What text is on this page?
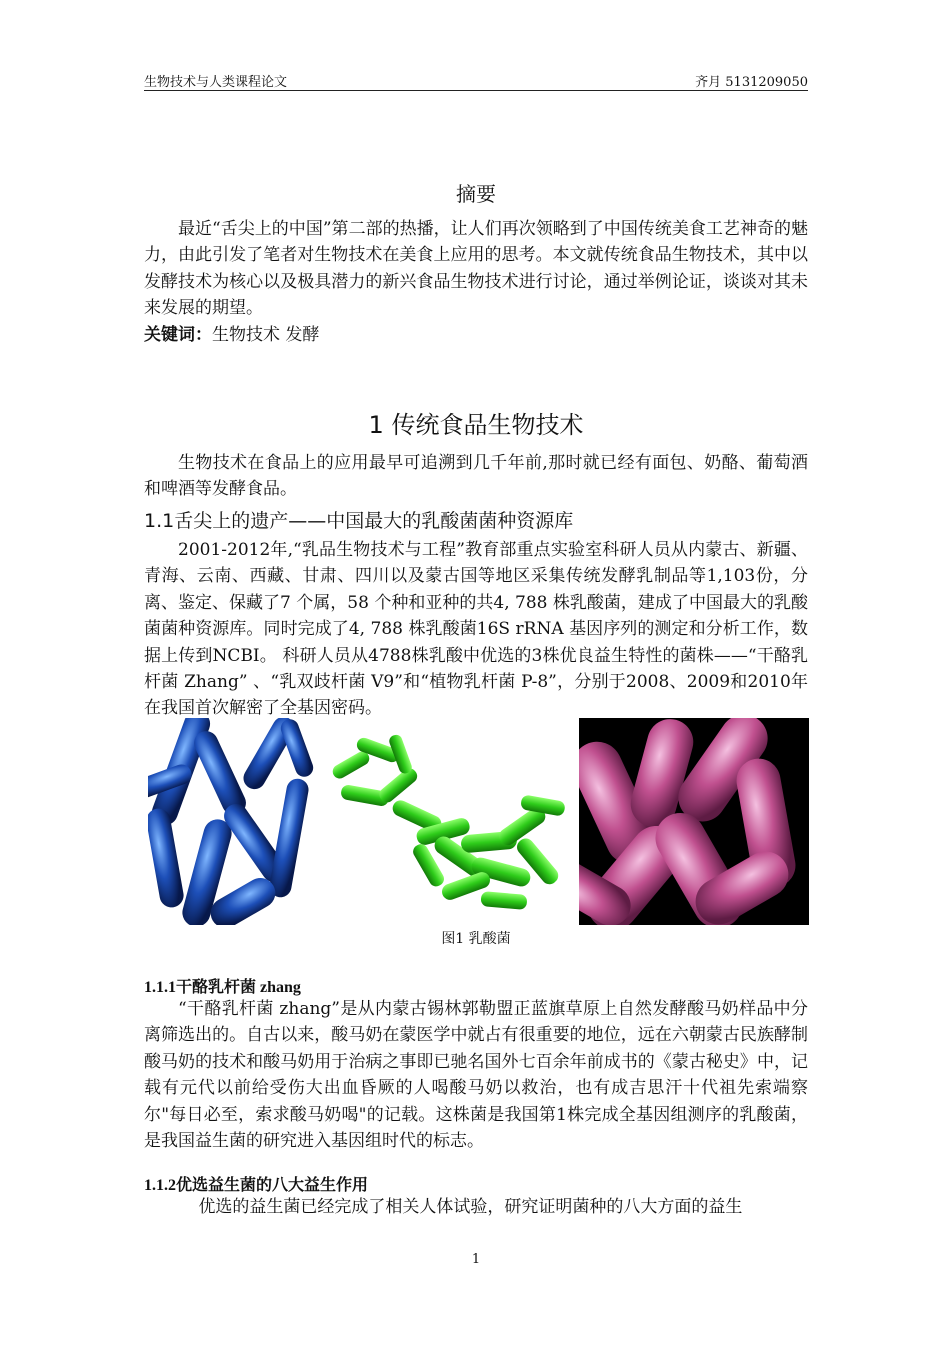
生物技术与人类课程论文	齐月 5131209050
摘要

最近“舌尖上的中国”第二部的热播，让人们再次领略到了中国传统美食工艺神奇的魅力，由此引发了笔者对生物技术在美食上应用的思考。本文就传统食品生物技术，其中以发酵技术为核心以及极具潜力的新兴食品生物技术进行讨论，通过举例论证，谈谈对其未来发展的期望。

关键词：生物技术 发酵

1 传统食品生物技术

生物技术在食品上的应用最早可追溯到几千年前,那时就已经有面包、奶酪、葡萄酒和啤酒等发酵食品。

1.1舌尖上的遗产——中国最大的乳酸菌菌种资源库

2001-2012年,“乳品生物技术与工程”教育部重点实验室科研人员从内蒙古、新疆、青海、云南、西藏、甘肃、四川以及蒙古国等地区采集传统发酵乳制品等1,103份，分离、鉴定、保藏了7 个属，58 个种和亚种的共4, 788 株乳酸菌，建成了中国最大的乳酸菌菌种资源库。同时完成了4, 788 株乳酸菌16S rRNA 基因序列的测定和分析工作，数据上传到NCBI。 科研人员从4788株乳酸中优选的3株优良益生特性的菌株——“干酪乳杆菌 Zhang” 、“乳双歧杆菌 V9”和“植物乳杆菌 P-8”，分别于2008、2009和2010年在我国首次解密了全基因密码。

图1 乳酸菌
1.1.1干酪乳杆菌 zhang

“干酪乳杆菌 zhang”是从内蒙古锡林郭勒盟正蓝旗草原上自然发酵酸马奶样品中分离筛选出的。自古以来，酸马奶在蒙医学中就占有很重要的地位，远在六朝蒙古民族酵制酸马奶的技术和酸马奶用于治病之事即已驰名国外七百余年前成书的《蒙古秘史》中，记载有元代以前给受伤大出血昏厥的人喝酸马奶以救治，也有成吉思汗十代祖先索端察尔"每日必至，索求酸马奶喝"的记载。这株菌是我国第1株完成全基因组测序的乳酸菌，是我国益生菌的研究进入基因组时代的标志。

1.1.2优选益生菌的八大益生作用

优选的益生菌已经完成了相关人体试验，研究证明菌种的八大方面的益生

1
